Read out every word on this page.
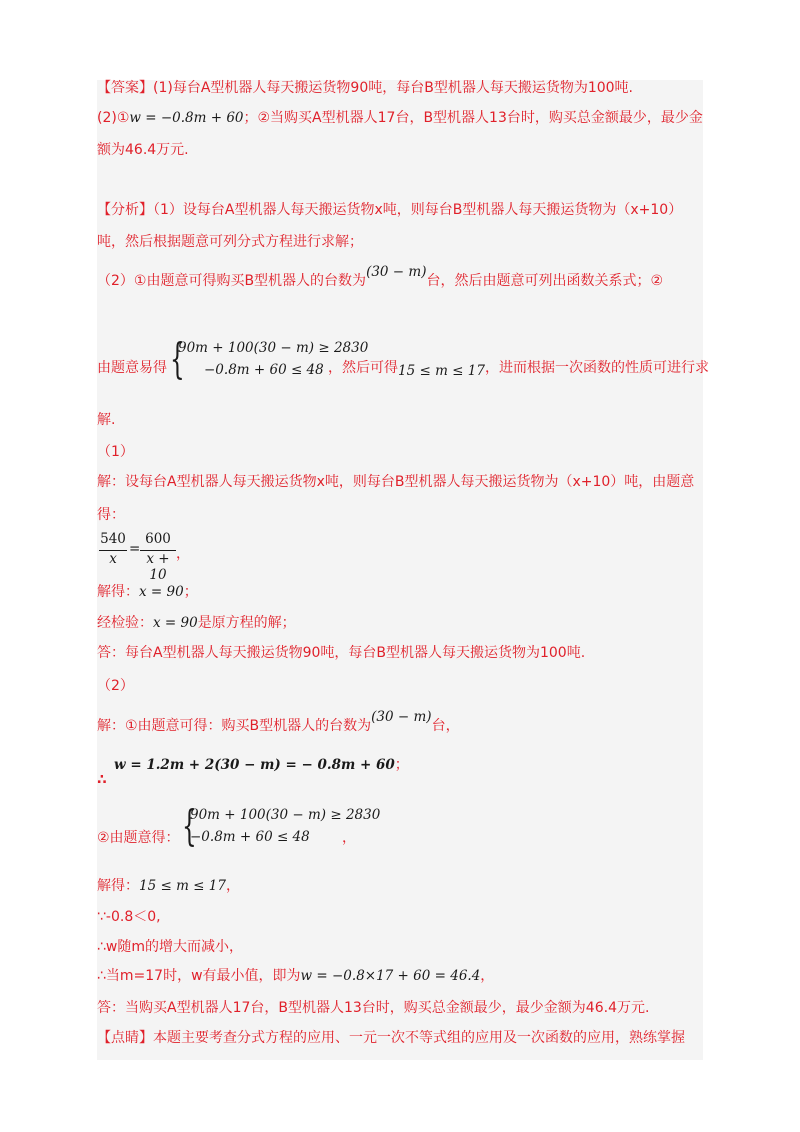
【答案】(1)每台A型机器人每天搬运货物90吨，每台B型机器人每天搬运货物为100吨.
(2)①w = −0.8m + 60；②当购买A型机器人17台，B型机器人13台时，购买总金额最少，最少金
额为46.4万元.
【分析】（1）设每台A型机器人每天搬运货物x吨，则每台B型机器人每天搬运货物为（x+10）
吨，然后根据题意可列分式方程进行求解；
（2）①由题意可得购买B型机器人的台数为(30 − m)台，然后由题意可列出函数关系式；②
由题意易得 {
90m + 100(30 − m) ≥ 2830
−0.8m + 60 ≤ 48 ，然后可得15 ≤ m ≤ 17，进而根据一次函数的性质可进行求
解.
（1）
解：设每台A型机器人每天搬运货物x吨，则每台B型机器人每天搬运货物为（x+10）吨，由题意
得：
540
x
=
600
x + 10
，
解得：x = 90；
经检验：x = 90是原方程的解；
答：每台A型机器人每天搬运货物90吨，每台B型机器人每天搬运货物为100吨.
（2）
解：①由题意可得：购买B型机器人的台数为(30 − m)台，
∴
w = 1.2m + 2(30 − m) = − 0.8m + 60；
②由题意得： {
90m + 100(30 − m) ≥ 2830
−0.8m + 60 ≤ 48 ，
解得：15 ≤ m ≤ 17，
∵-0.8＜0,
∴w随m的增大而减小，
∴当m=17时，w有最小值，即为w = −0.8×17 + 60 = 46.4，
答：当购买A型机器人17台，B型机器人13台时，购买总金额最少，最少金额为46.4万元.
【点睛】本题主要考查分式方程的应用、一元一次不等式组的应用及一次函数的应用，熟练掌握
